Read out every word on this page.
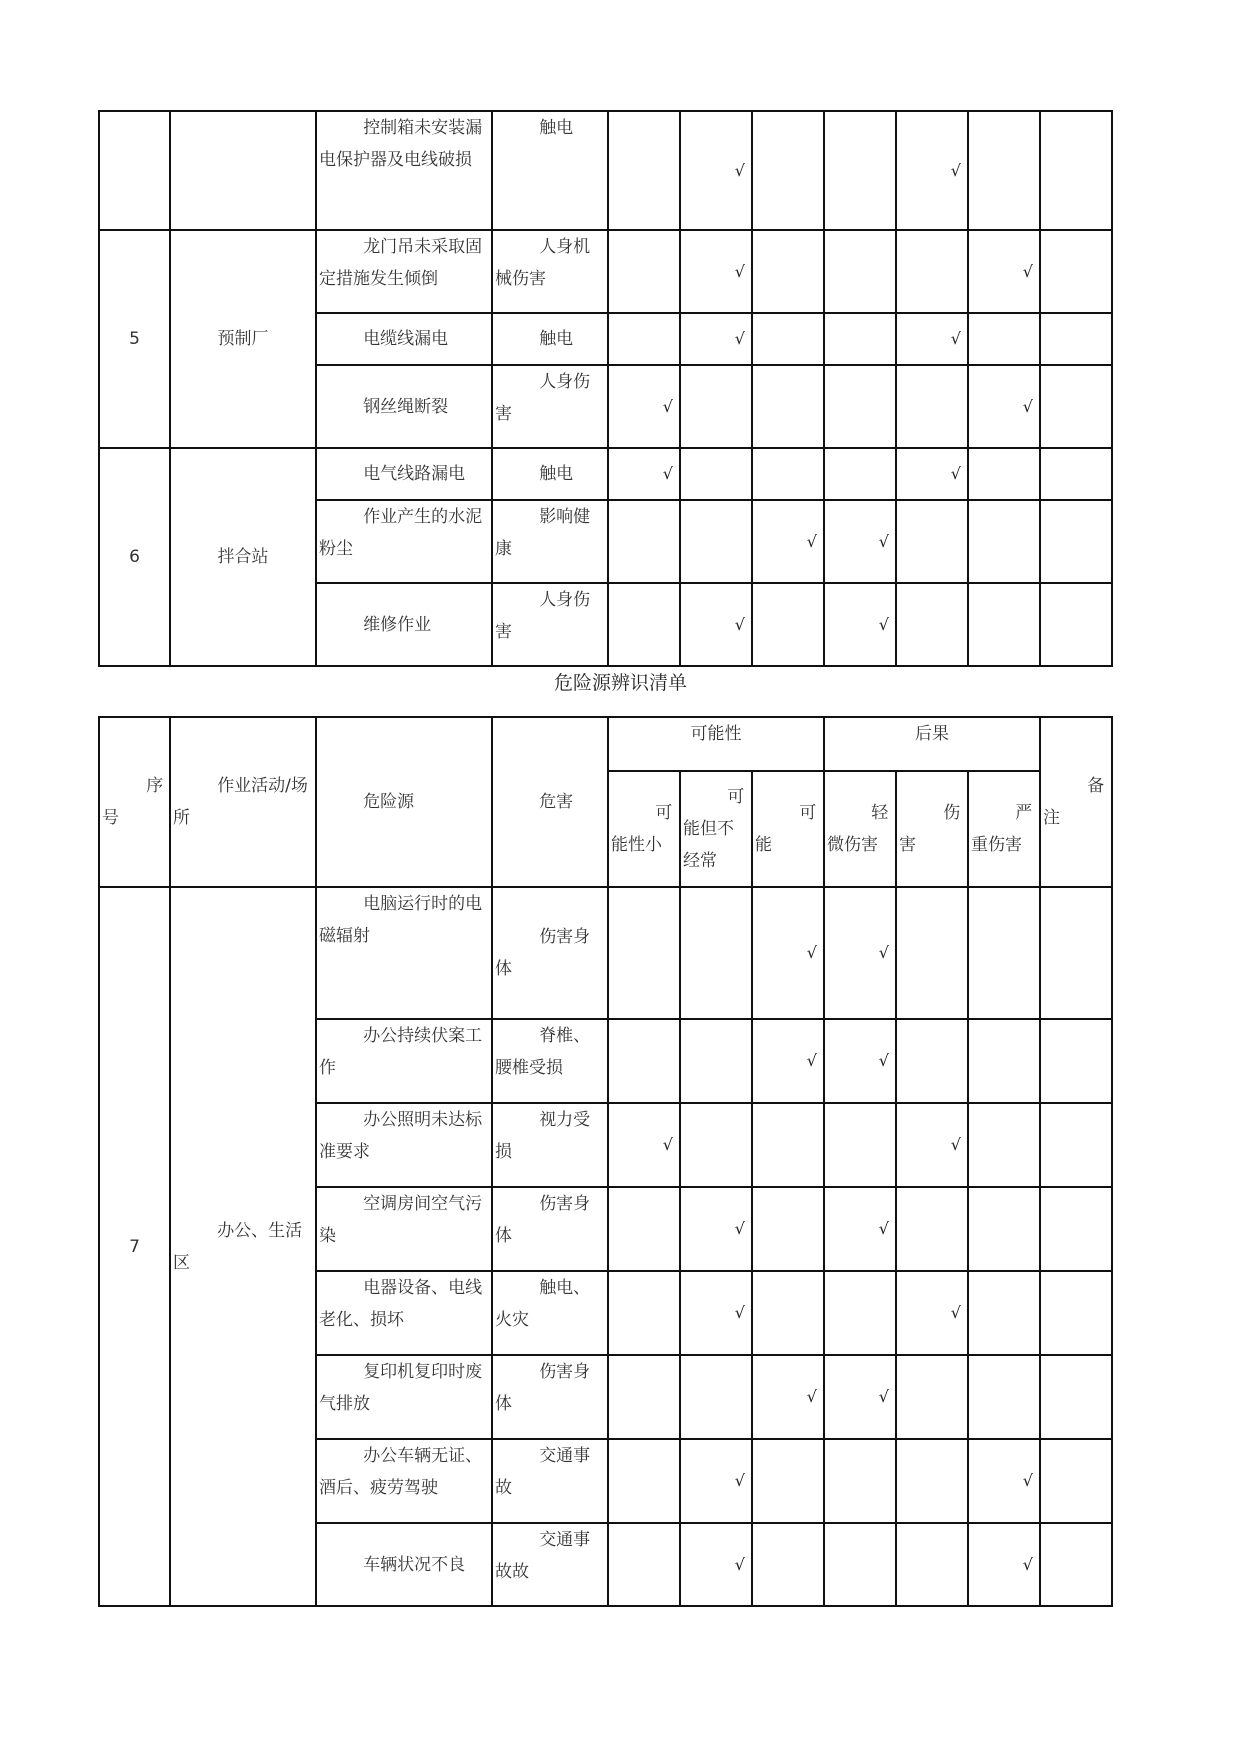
		控制箱未安装漏电保护器及电线破损	触电		√			√		
5	预制厂	龙门吊未采取固定措施发生倾倒	人身机械伤害		√				√	
		电缆线漏电	触电		√			√		
		钢丝绳断裂	人身伤害	√					√	
6	拌合站	电气线路漏电	触电	√				√		
		作业产生的水泥粉尘	影响健康			√	√			
		维修作业	人身伤害		√		√			
危险源辨识清单
序号	作业活动/场所	危险源	危害	可能性			后果			备注
				可能性小	可能但不经常	可能	轻微伤害	伤害	严重伤害	
7	办公、生活区	电脑运行时的电磁辐射	伤害身体			√	√			
		办公持续伏案工作	脊椎、腰椎受损			√	√			
		办公照明未达标准要求	视力受损	√				√		
		空调房间空气污染	伤害身体		√		√			
		电器设备、电线老化、损坏	触电、火灾		√			√		
		复印机复印时废气排放	伤害身体			√	√			
		办公车辆无证、酒后、疲劳驾驶	交通事故		√				√	
		车辆状况不良	交通事故故		√				√	
